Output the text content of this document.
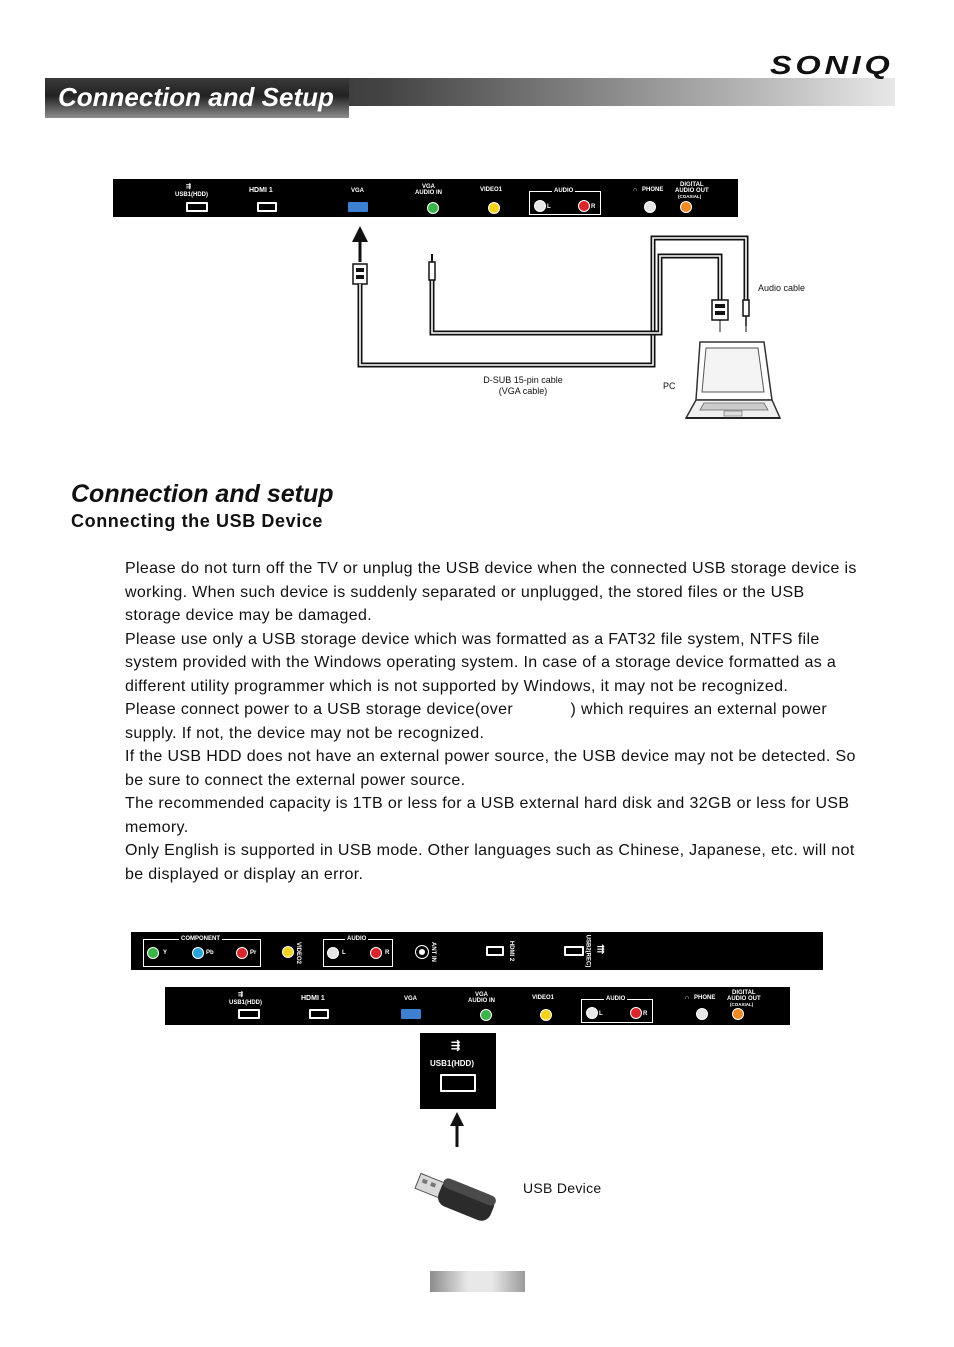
Connection and Setup
SONIQ
⇶
USB1(HDD)
HDMI 1	VGA
VGA
AUDIO IN	VIDEO1	AUDIO
L	R
∩ PHONE
DIGITAL
AUDIO OUT
(COAXIAL)
Audio cable
D-SUB 15-pin cable
(VGA cable)	PC
Connection and setup
Connecting the USB Device

Please do not turn off the TV or unplug the USB device when the connected USB storage device is working. When such device is suddenly separated or unplugged, the stored files or the USB storage device may be damaged.

Please use only a USB storage device which was formatted as a FAT32 file system, NTFS file system provided with the Windows operating system. In case of a storage device formatted as a different utility programmer which is not supported by Windows, it may not be recognized.

Please connect power to a USB storage device(over            ) which requires an external power supply. If not, the device may not be recognized.

If the USB HDD does not have an external power source, the USB device may not be detected. So be sure to connect the external power source.

The recommended capacity is 1TB or less for a USB external hard disk and 32GB or less for USB memory.

Only English is supported in USB mode. Other languages such as Chinese, Japanese, etc. will not be displayed or display an error.

COMPONENT
Y	Pb	Pr	VIDEO2
AUDIO
L	R	ANT IN	HDMI 2	USB2(REC) ⇶
⇶
USB1(HDD)
HDMI 1	VGA
VGA
AUDIO IN	VIDEO1	AUDIO
L	R
∩ PHONE
DIGITAL
AUDIO OUT
(COAXIAL)
⇶
USB1(HDD)
USB Device
